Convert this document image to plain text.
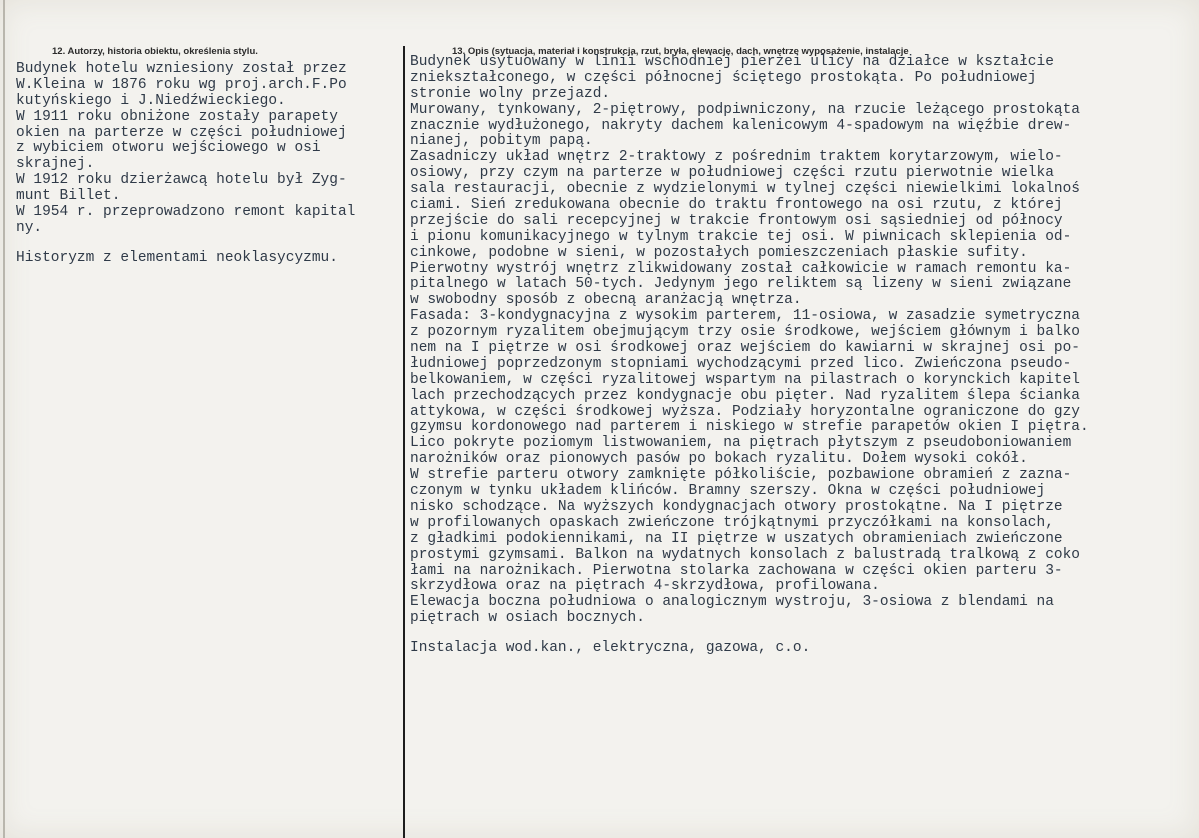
12. Autorzy, historia obiektu, określenia stylu.	13. Opis (sytuacja, materiał i konstrukcja, rzut, bryła, elewacje, dach, wnętrze wyposażenie, instalacje
Budynek hotelu wzniesiony został przez
W.Kleina w 1876 roku wg proj.arch.F.Po
kutyńskiego i J.Niedźwieckiego.
W 1911 roku obniżone zostały parapety
okien na parterze w części południowej
z wybiciem otworu wejściowego w osi
skrajnej.
W 1912 roku dzierżawcą hotelu był Zyg-
munt Billet.
W 1954 r. przeprowadzono remont kapital
ny.
Historyzm z elementami neoklasycyzmu.
Budynek usytuowany w linii wschodniej pierzei ulicy na działce w kształcie
zniekształconego, w części północnej ściętego prostokąta. Po południowej
stronie wolny przejazd.
Murowany, tynkowany, 2-piętrowy, podpiwniczony, na rzucie leżącego prostokąta
znacznie wydłużonego, nakryty dachem kalenicowym 4-spadowym na więźbie drew-
nianej, pobitym papą.
Zasadniczy układ wnętrz 2-traktowy z pośrednim traktem korytarzowym, wielo-
osiowy, przy czym na parterze w południowej części rzutu pierwotnie wielka
sala restauracji, obecnie z wydzielonymi w tylnej części niewielkimi lokalnoś
ciami. Sień zredukowana obecnie do traktu frontowego na osi rzutu, z której
przejście do sali recepcyjnej w trakcie frontowym osi sąsiedniej od północy
i pionu komunikacyjnego w tylnym trakcie tej osi. W piwnicach sklepienia od-
cinkowe, podobne w sieni, w pozostałych pomieszczeniach płaskie sufity.
Pierwotny wystrój wnętrz zlikwidowany został całkowicie w ramach remontu ka-
pitalnego w latach 50-tych. Jedynym jego reliktem są lizeny w sieni związane
w swobodny sposób z obecną aranżacją wnętrza.
Fasada: 3-kondygnacyjna z wysokim parterem, 11-osiowa, w zasadzie symetryczna
z pozornym ryzalitem obejmującym trzy osie środkowe, wejściem głównym i balko
nem na I piętrze w osi środkowej oraz wejściem do kawiarni w skrajnej osi po-
łudniowej poprzedzonym stopniami wychodzącymi przed lico. Zwieńczona pseudo-
belkowaniem, w części ryzalitowej wspartym na pilastrach o korynckich kapitel
lach przechodzących przez kondygnacje obu pięter. Nad ryzalitem ślepa ścianka
attykowa, w części środkowej wyższa. Podziały horyzontalne ograniczone do gzy
gzymsu kordonowego nad parterem i niskiego w strefie parapetów okien I piętra.
Lico pokryte poziomym listwowaniem, na piętrach płytszym z pseudoboniowaniem
narożników oraz pionowych pasów po bokach ryzalitu. Dołem wysoki cokół.
W strefie parteru otwory zamknięte półkoliście, pozbawione obramień z zazna-
czonym w tynku układem klińców. Bramny szerszy. Okna w części południowej
nisko schodzące. Na wyższych kondygnacjach otwory prostokątne. Na I piętrze
w profilowanych opaskach zwieńczone trójkątnymi przyczółkami na konsolach,
z gładkimi podokiennikami, na II piętrze w uszatych obramieniach zwieńczone
prostymi gzymsami. Balkon na wydatnych konsolach z balustradą tralkową z coko
łami na narożnikach. Pierwotna stolarka zachowana w części okien parteru 3-
skrzydłowa oraz na piętrach 4-skrzydłowa, profilowana.
Elewacja boczna południowa o analogicznym wystroju, 3-osiowa z blendami na
piętrach w osiach bocznych.
Instalacja wod.kan., elektryczna, gazowa, c.o.
